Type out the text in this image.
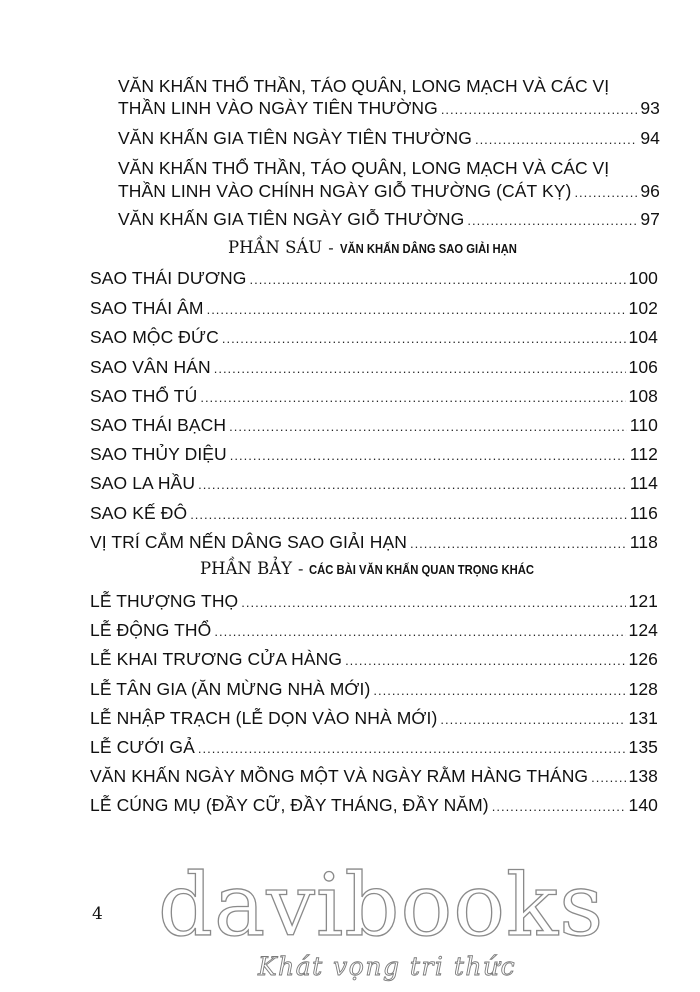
VĂN KHẤN THỔ THẦN, TÁO QUÂN, LONG MẠCH VÀ CÁC VỊ
THẦN LINH VÀO NGÀY TIÊN THƯỜNG .....	93
VĂN KHẤN GIA TIÊN NGÀY TIÊN THƯỜNG .....	94
VĂN KHẤN THỔ THẦN, TÁO QUÂN, LONG MẠCH VÀ CÁC VỊ
THẦN LINH VÀO CHÍNH NGÀY GIỖ THƯỜNG (CÁT KỴ) .....	96
VĂN KHẤN GIA TIÊN NGÀY GIỖ THƯỜNG .....	97
PHẦN SÁU - VĂN KHẤN DÂNG SAO GIẢI HẠN
SAO THÁI DƯƠNG .....	100
SAO THÁI ÂM .....	102
SAO MỘC ĐỨC .....	104
SAO VÂN HÁN .....	106
SAO THỔ TÚ .....	108
SAO THÁI BẠCH .....	110
SAO THỦY DIỆU .....	112
SAO LA HẦU .....	114
SAO KẾ ĐÔ .....	116
VỊ TRÍ CẮM NẾN DÂNG SAO GIẢI HẠN .....	118
PHẦN BẢY - CÁC BÀI VĂN KHẤN QUAN TRỌNG KHÁC
LỄ THƯỢNG THỌ .....	121
LỄ ĐỘNG THỔ .....	124
LỄ KHAI TRƯƠNG CỬA HÀNG .....	126
LỄ TÂN GIA (ĂN MỪNG NHÀ MỚI) .....	128
LỄ NHẬP TRẠCH (LỄ DỌN VÀO NHÀ MỚI) .....	131
LỄ CƯỚI GẢ .....	135
VĂN KHẤN NGÀY MỒNG MỘT VÀ NGÀY RẰM HÀNG THÁNG ..... 138
LỄ CÚNG MỤ (ĐẦY CỮ, ĐẦY THÁNG, ĐẦY NĂM) .....	140
4 davibooks
Khát vọng tri thức
